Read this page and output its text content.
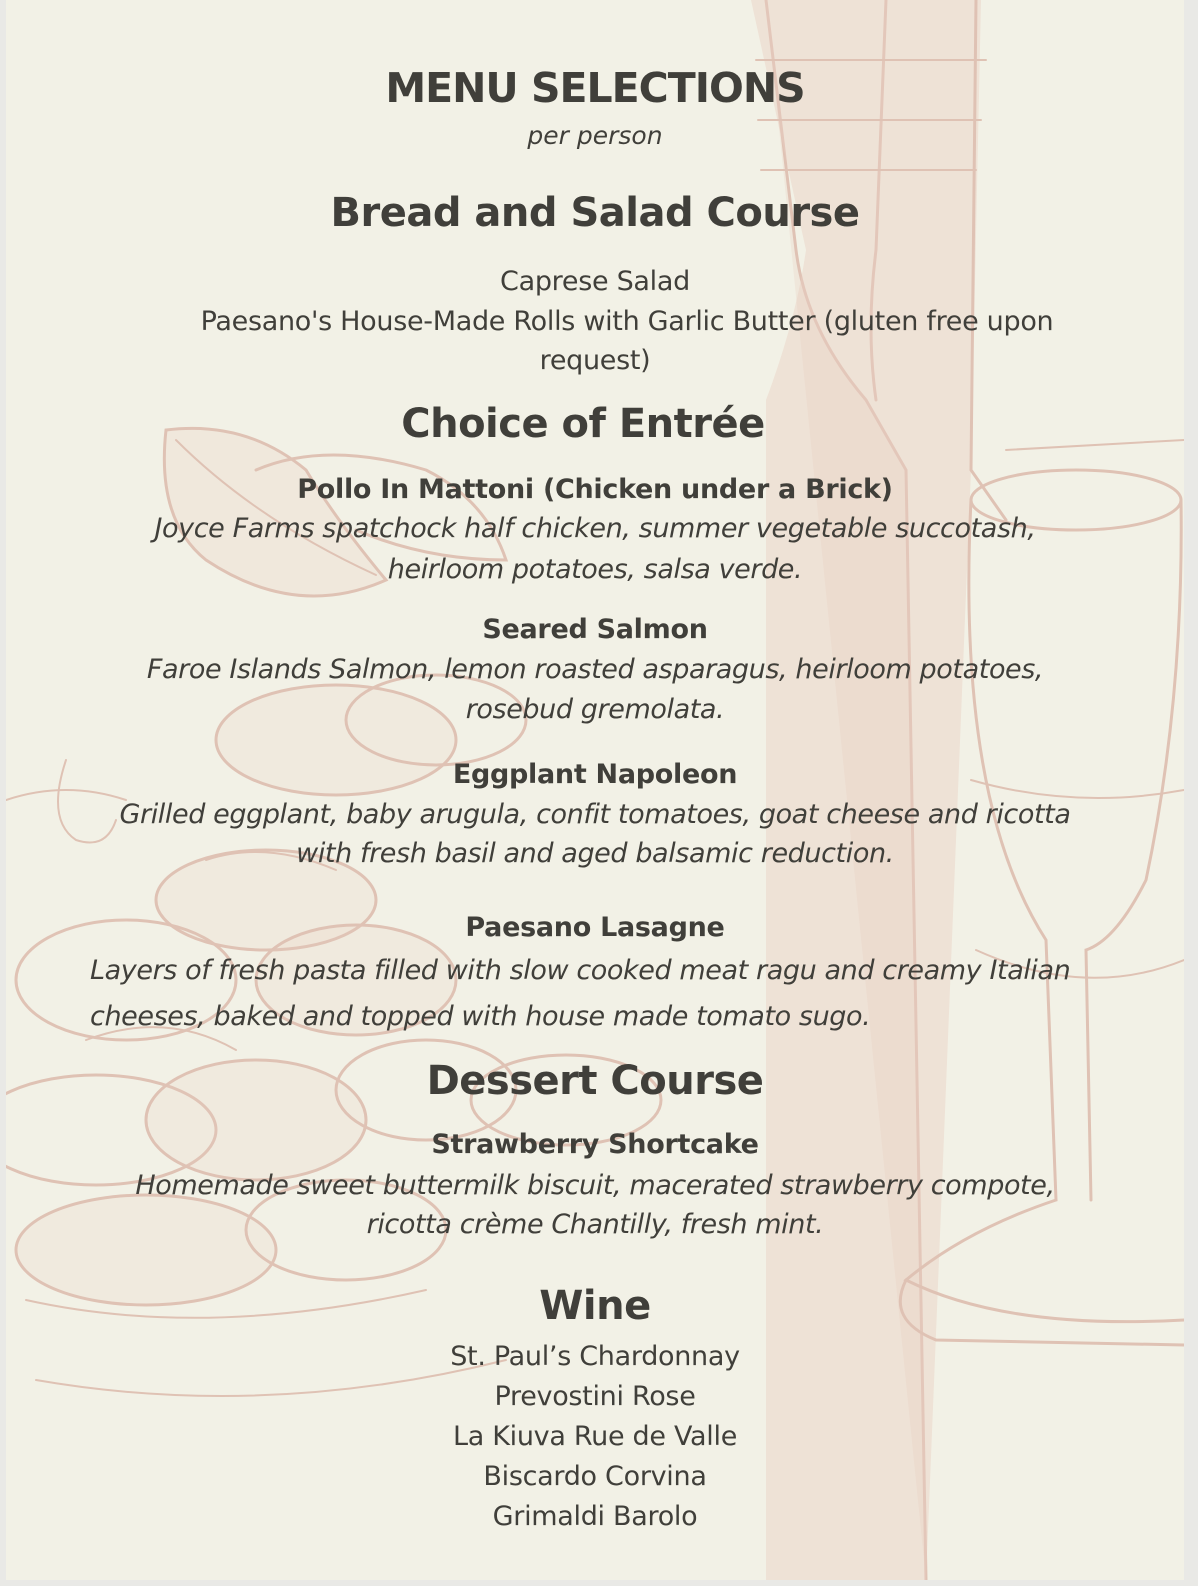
MENU SELECTIONS
per person
Bread and Salad Course
Caprese Salad
Paesano's House-Made Rolls with Garlic Butter (gluten free upon
request)
Choice of Entrée
Pollo In Mattoni (Chicken under a Brick)
Joyce Farms spatchock half chicken, summer vegetable succotash,
heirloom potatoes, salsa verde.
Seared Salmon
Faroe Islands Salmon, lemon roasted asparagus, heirloom potatoes,
rosebud gremolata.
Eggplant Napoleon
Grilled eggplant, baby arugula, confit tomatoes, goat cheese and ricotta
with fresh basil and aged balsamic reduction.
Paesano Lasagne
Layers of fresh pasta filled with slow cooked meat ragu and creamy Italian
cheeses, baked and topped with house made tomato sugo.
Dessert Course
Strawberry Shortcake
Homemade sweet buttermilk biscuit, macerated strawberry compote,
ricotta crème Chantilly, fresh mint.
Wine
St. Paul’s Chardonnay
Prevostini Rose
La Kiuva Rue de Valle
Biscardo Corvina
Grimaldi Barolo
